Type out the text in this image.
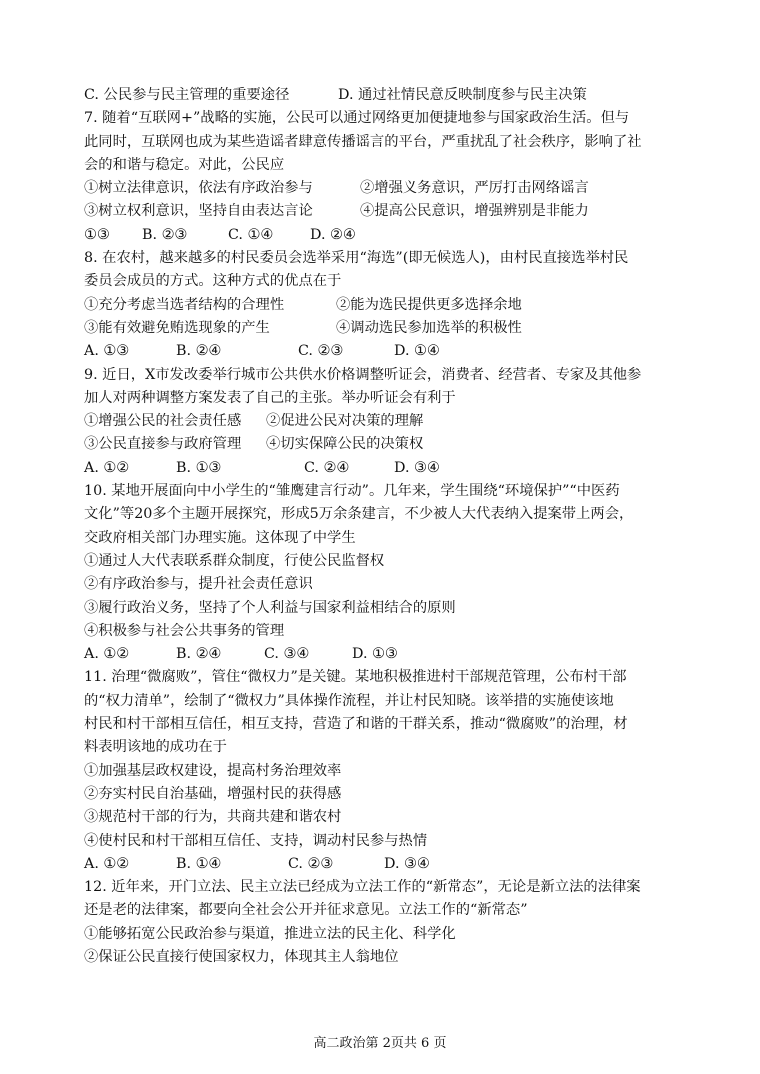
C. 公民参与民主管理的重要途径	D. 通过社情民意反映制度参与民主决策
7. 随着“互联网+”战略的实施，公民可以通过网络更加便捷地参与国家政治生活。但与
此同时，互联网也成为某些造谣者肆意传播谣言的平台，严重扰乱了社会秩序，影响了社
会的和谐与稳定。对此，公民应
①树立法律意识，依法有序政治参与	②增强义务意识，严厉打击网络谣言
③树立权利意识，坚持自由表达言论	④提高公民意识，增强辨别是非能力
①③	B. ②③	C. ①④	D. ②④
8. 在农村，越来越多的村民委员会选举采用“海选”(即无候选人)，由村民直接选举村民
委员会成员的方式。这种方式的优点在于
①充分考虑当选者结构的合理性	②能为选民提供更多选择余地
③能有效避免贿选现象的产生	④调动选民参加选举的积极性
A. ①③	B. ②④	C. ②③	D. ①④
9. 近日，X市发改委举行城市公共供水价格调整听证会，消费者、经营者、专家及其他参
加人对两种调整方案发表了自己的主张。举办听证会有利于
①增强公民的社会责任感	②促进公民对决策的理解
③公民直接参与政府管理	④切实保障公民的决策权
A. ①②	B. ①③	C. ②④	D. ③④
10. 某地开展面向中小学生的“雏鹰建言行动”。几年来，学生围绕“环境保护”“中医药
文化”等20多个主题开展探究，形成5万余条建言，不少被人大代表纳入提案带上两会，
交政府相关部门办理实施。这体现了中学生
①通过人大代表联系群众制度，行使公民监督权
②有序政治参与，提升社会责任意识
③履行政治义务，坚持了个人利益与国家利益相结合的原则
④积极参与社会公共事务的管理
A. ①②	B. ②④	C. ③④	D. ①③
11. 治理“微腐败”，管住“微权力”是关键。某地积极推进村干部规范管理，公布村干部
的“权力清单”，绘制了“微权力”具体操作流程，并让村民知晓。该举措的实施使该地
村民和村干部相互信任，相互支持，营造了和谐的干群关系，推动“微腐败”的治理，材
料表明该地的成功在于
①加强基层政权建设，提高村务治理效率
②夯实村民自治基础，增强村民的获得感
③规范村干部的行为，共商共建和谐农村
④使村民和村干部相互信任、支持，调动村民参与热情
A. ①②	B. ①④	C. ②③	D. ③④
12. 近年来，开门立法、民主立法已经成为立法工作的“新常态”，无论是新立法的法律案
还是老的法律案，都要向全社会公开并征求意见。立法工作的“新常态”
①能够拓宽公民政治参与渠道，推进立法的民主化、科学化
②保证公民直接行使国家权力，体现其主人翁地位
高二政治第 2页共 6 页
